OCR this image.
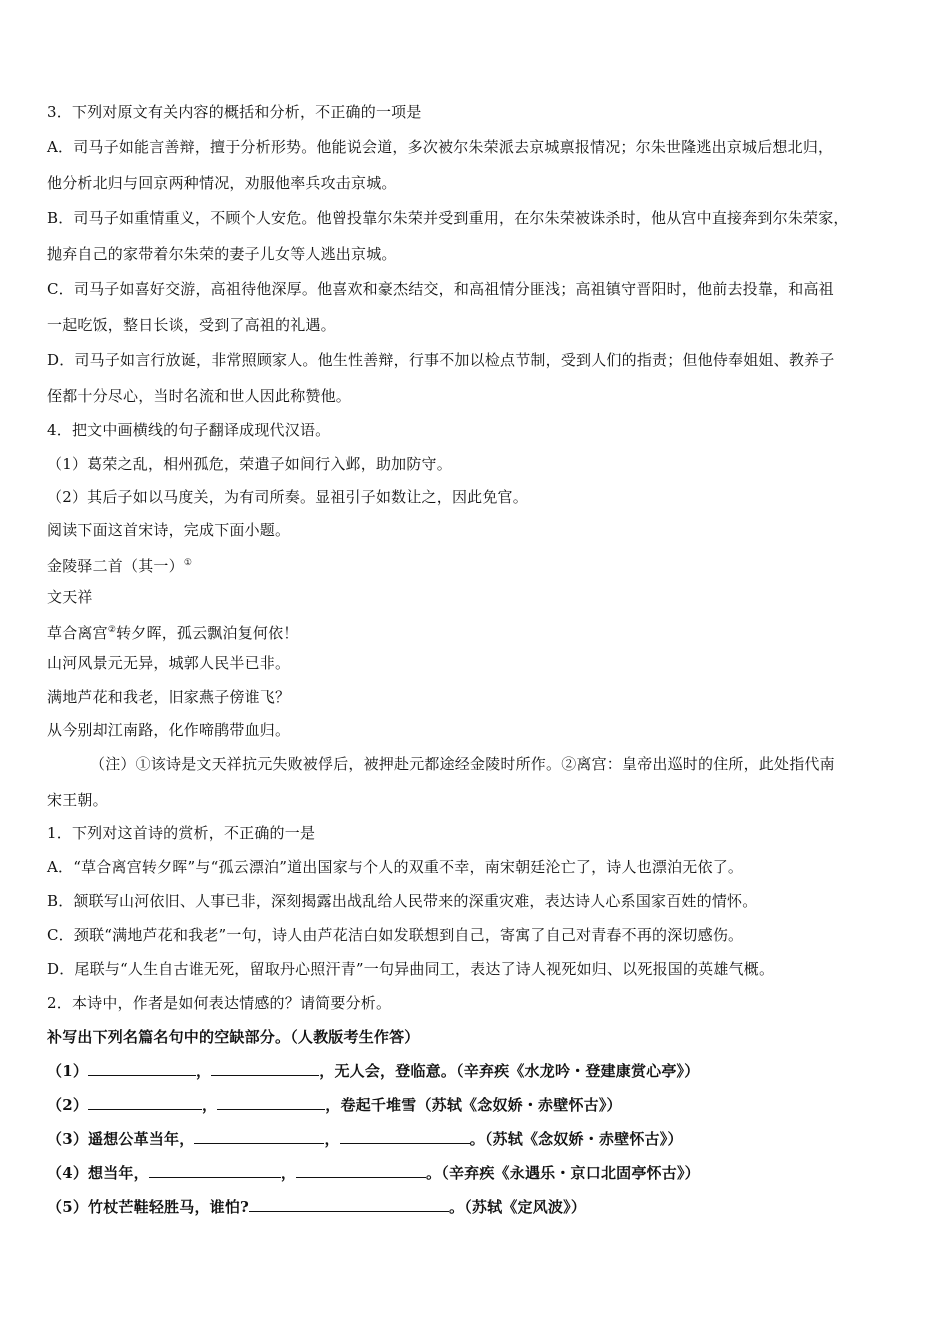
3．下列对原文有关内容的概括和分析，不正确的一项是
A．司马子如能言善辩，擅于分析形势。他能说会道，多次被尔朱荣派去京城禀报情况；尔朱世隆逃出京城后想北归，
他分析北归与回京两种情况，劝服他率兵攻击京城。
B．司马子如重情重义，不顾个人安危。他曾投靠尔朱荣并受到重用，在尔朱荣被诛杀时，他从宫中直接奔到尔朱荣家，
抛弃自己的家带着尔朱荣的妻子儿女等人逃出京城。
C．司马子如喜好交游，高祖待他深厚。他喜欢和豪杰结交，和高祖情分匪浅；高祖镇守晋阳时，他前去投靠，和高祖
一起吃饭，整日长谈，受到了高祖的礼遇。
D．司马子如言行放诞，非常照顾家人。他生性善辩，行事不加以检点节制，受到人们的指责；但他侍奉姐姐、教养子
侄都十分尽心，当时名流和世人因此称赞他。
4．把文中画横线的句子翻译成现代汉语。
（1）葛荣之乱，相州孤危，荣遣子如间行入邺，助加防守。
（2）其后子如以马度关，为有司所奏。显祖引子如数让之，因此免官。
阅读下面这首宋诗，完成下面小题。
金陵驿二首（其一）①
文天祥
草合离宫②转夕晖，孤云飘泊复何依！
山河风景元无异，城郭人民半已非。
满地芦花和我老，旧家燕子傍谁飞？
从今别却江南路，化作啼鹃带血归。
（注）①该诗是文天祥抗元失败被俘后，被押赴元都途经金陵时所作。②离宫：皇帝出巡时的住所，此处指代南
宋王朝。
1．下列对这首诗的赏析，不正确的一是
A．“草合离宫转夕晖”与“孤云漂泊”道出国家与个人的双重不幸，南宋朝廷沦亡了，诗人也漂泊无依了。
B．颔联写山河依旧、人事已非，深刻揭露出战乱给人民带来的深重灾难，表达诗人心系国家百姓的情怀。
C．颈联“满地芦花和我老”一句，诗人由芦花洁白如发联想到自己，寄寓了自己对青春不再的深切感伤。
D．尾联与“人生自古谁无死，留取丹心照汗青”一句异曲同工，表达了诗人视死如归、以死报国的英雄气概。
2．本诗中，作者是如何表达情感的？请简要分析。
补写出下列名篇名句中的空缺部分。（人教版考生作答）
（1）	，	，无人会，登临意。（辛弃疾《水龙吟・登建康赏心亭》）
（2）	，	，卷起千堆雪（苏轼《念奴娇・赤壁怀古》）
（3）遥想公革当年，	，	。（苏轼《念奴娇・赤壁怀古》）
（4）想当年，	，	。（辛弃疾《永遇乐・京口北固亭怀古》）
（5）竹杖芒鞋轻胜马，谁怕?	。（苏轼《定风波》）
